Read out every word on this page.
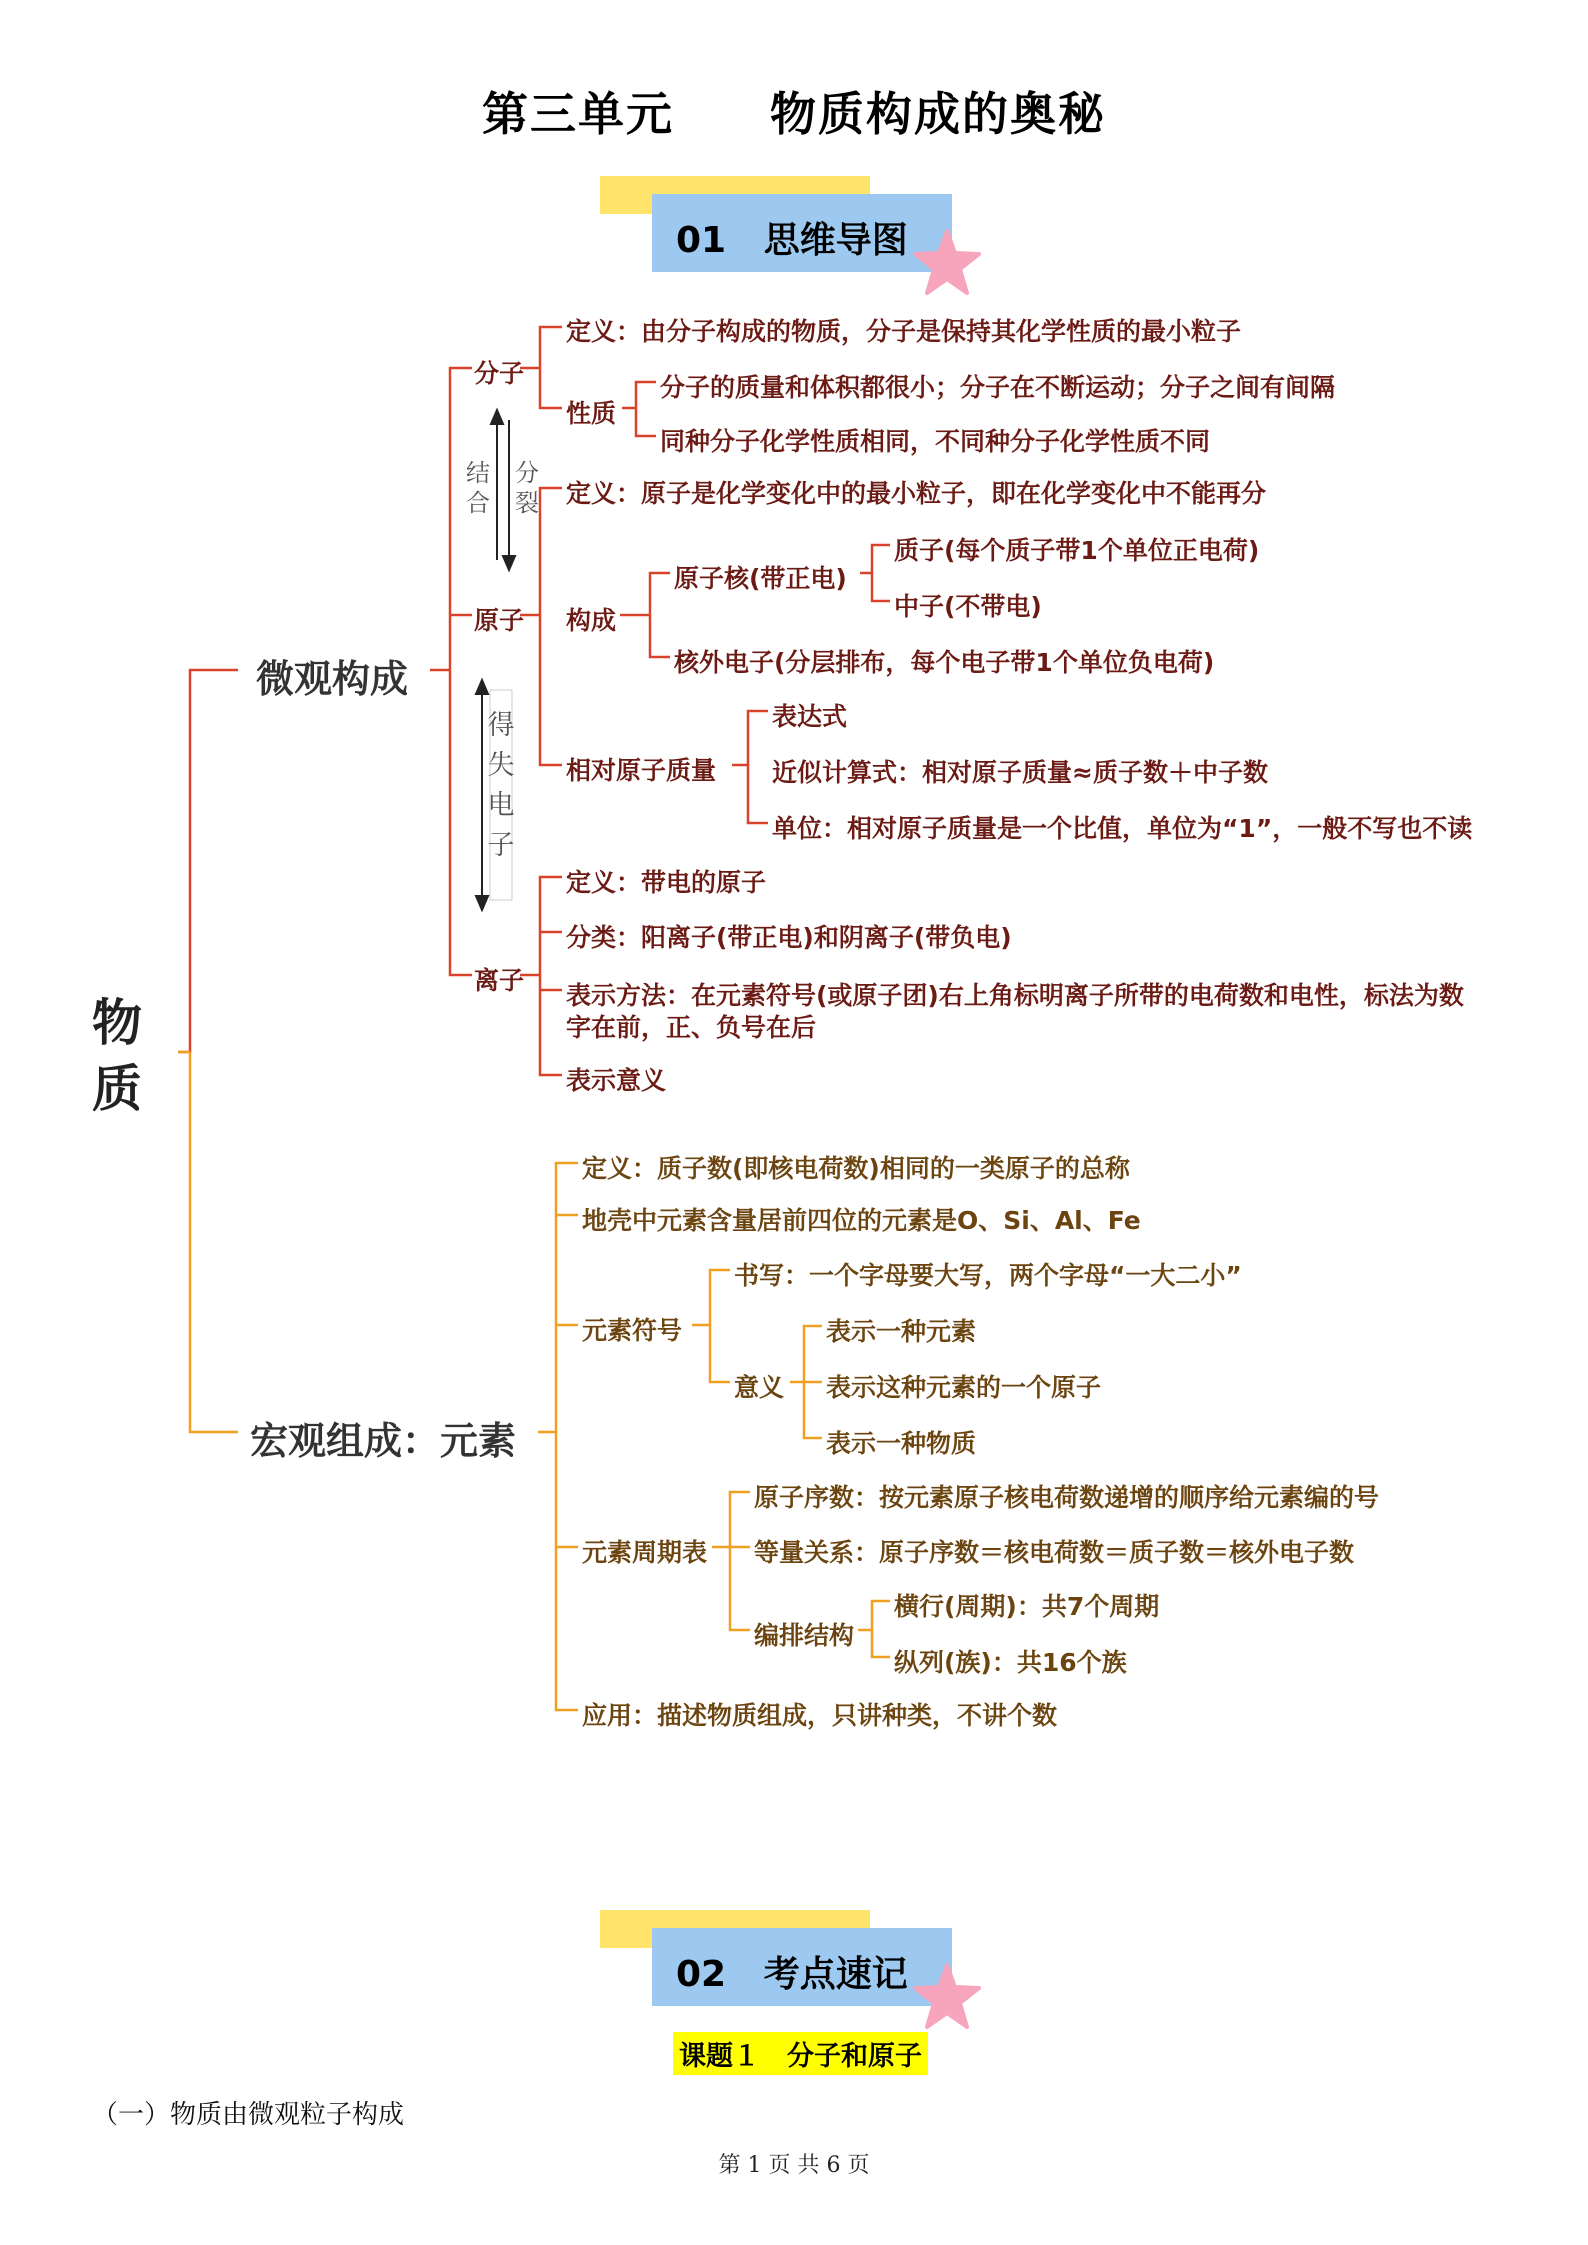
第三单元　　物质构成的奥秘
01 思维导图
物质
微观构成
分子
定义：由分子构成的物质，分子是保持其化学性质的最小粒子
性质
分子的质量和体积都很小；分子在不断运动；分子之间有间隔
同种分子化学性质相同，不同种分子化学性质不同
结合
分裂
原子
定义：原子是化学变化中的最小粒子，即在化学变化中不能再分
构成
原子核(带正电)
质子(每个质子带1个单位正电荷)
中子(不带电)
核外电子(分层排布，每个电子带1个单位负电荷)
相对原子质量
表达式
近似计算式：相对原子质量≈质子数＋中子数
单位：相对原子质量是一个比值，单位为“1”，一般不写也不读
得失电子
离子
定义：带电的原子
分类：阳离子(带正电)和阴离子(带负电)
表示方法：在元素符号(或原子团)右上角标明离子所带的电荷数和电性，标法为数
字在前，正、负号在后
表示意义
宏观组成：元素
定义：质子数(即核电荷数)相同的一类原子的总称
地壳中元素含量居前四位的元素是O、Si、Al、Fe
元素符号
书写：一个字母要大写，两个字母“一大二小”
意义
表示一种元素
表示这种元素的一个原子
表示一种物质
元素周期表
原子序数：按元素原子核电荷数递增的顺序给元素编的号
等量关系：原子序数＝核电荷数＝质子数＝核外电子数
编排结构
横行(周期)：共7个周期
纵列(族)：共16个族
应用：描述物质组成，只讲种类，不讲个数
02 考点速记
课题１　分子和原子
（一）物质由微观粒子构成
第 1 页 共 6 页
